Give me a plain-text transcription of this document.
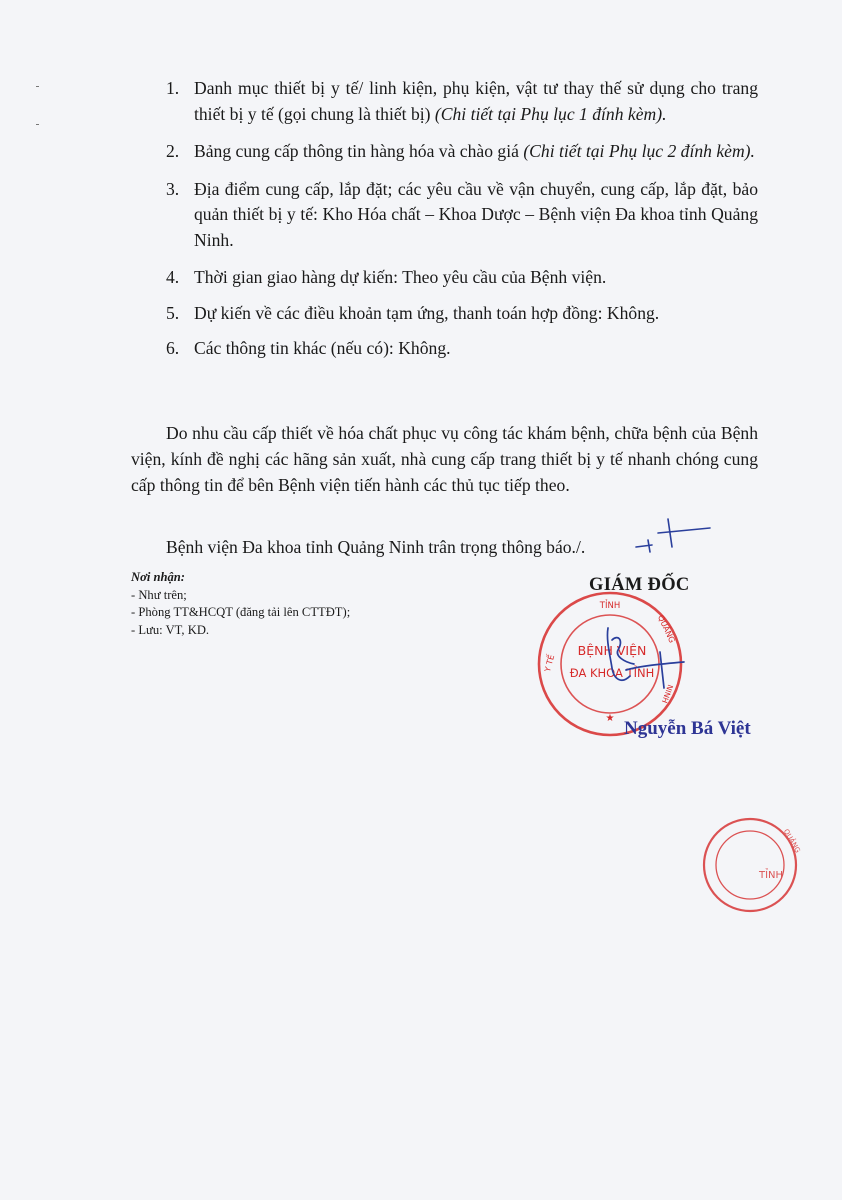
1. Danh mục thiết bị y tế/ linh kiện, phụ kiện, vật tư thay thế sử dụng cho trang thiết bị y tế (gọi chung là thiết bị) (Chi tiết tại Phụ lục 1 đính kèm).
2. Bảng cung cấp thông tin hàng hóa và chào giá (Chi tiết tại Phụ lục 2 đính kèm).
3. Địa điểm cung cấp, lắp đặt; các yêu cầu về vận chuyển, cung cấp, lắp đặt, bảo quản thiết bị y tế: Kho Hóa chất – Khoa Dược – Bệnh viện Đa khoa tỉnh Quảng Ninh.
4. Thời gian giao hàng dự kiến: Theo yêu cầu của Bệnh viện.
5. Dự kiến về các điều khoản tạm ứng, thanh toán hợp đồng: Không.
6. Các thông tin khác (nếu có): Không.

Do nhu cầu cấp thiết về hóa chất phục vụ công tác khám bệnh, chữa bệnh của Bệnh viện, kính đề nghị các hãng sản xuất, nhà cung cấp trang thiết bị y tế nhanh chóng cung cấp thông tin để bên Bệnh viện tiến hành các thủ tục tiếp theo.

Bệnh viện Đa khoa tỉnh Quảng Ninh trân trọng thông báo./.

Nơi nhận:
- Như trên;
- Phòng TT&HCQT (đăng tải lên CTTĐT);
- Lưu: VT, KD.
GIÁM ĐỐC
TỈNH
Y TẾ
QUẢNG
NINH
BỆNH VIỆN
ĐA KHOA TỈNH
★
TỈNH
QUẢNG
Nguyễn Bá Việt
